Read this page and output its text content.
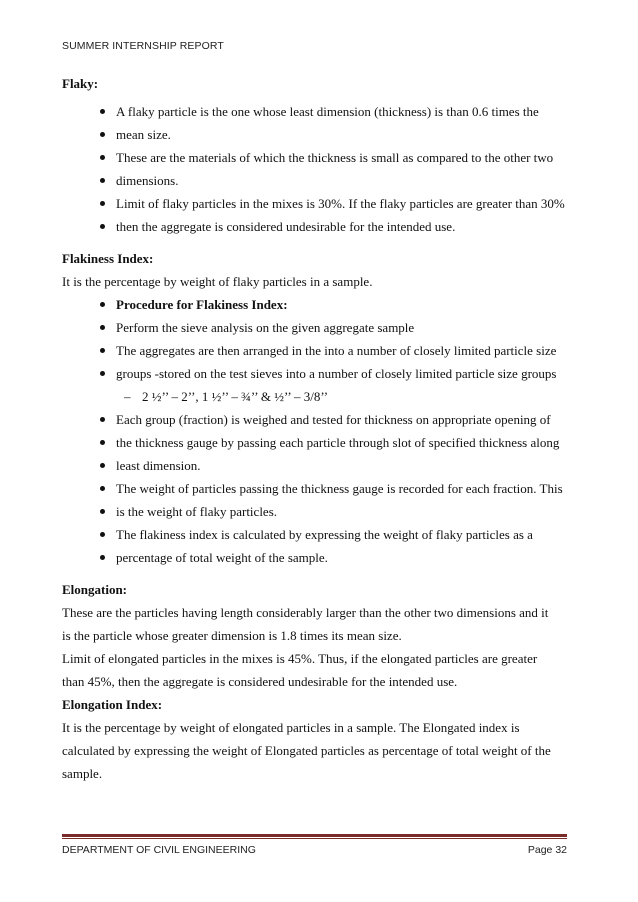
SUMMER INTERNSHIP REPORT
Flaky:
A flaky particle is the one whose least dimension (thickness) is than 0.6 times the
mean size.
These are the materials of which the thickness is small as compared to the other two
dimensions.
Limit of flaky particles in the mixes is 30%. If the flaky particles are greater than 30%
then the aggregate is considered undesirable for the intended use.
Flakiness Index:

It is the percentage by weight of flaky particles in a sample.

Procedure for Flakiness Index:
Perform the sieve analysis on the given aggregate sample
The aggregates are then arranged in the into a number of closely limited particle size
groups -stored on the test sieves into a number of closely limited particle size groups
– 2 ½’’ – 2’’, 1 ½’’ – ¾’’ & ½’’ – 3/8’’
Each group (fraction) is weighed and tested for thickness on appropriate opening of
the thickness gauge by passing each particle through slot of specified thickness along
least dimension.
The weight of particles passing the thickness gauge is recorded for each fraction. This
is the weight of flaky particles.
The flakiness index is calculated by expressing the weight of flaky particles as a
percentage of total weight of the sample.
Elongation:

These are the particles having length considerably larger than the other two dimensions and it

is the particle whose greater dimension is 1.8 times its mean size.

Limit of elongated particles in the mixes is 45%. Thus, if the elongated particles are greater

than 45%, then the aggregate is considered undesirable for the intended use.

Elongation Index:

It is the percentage by weight of elongated particles in a sample. The Elongated index is

calculated by expressing the weight of Elongated particles as percentage of total weight of the

sample.

DEPARTMENT OF CIVIL ENGINEERING	Page 32
